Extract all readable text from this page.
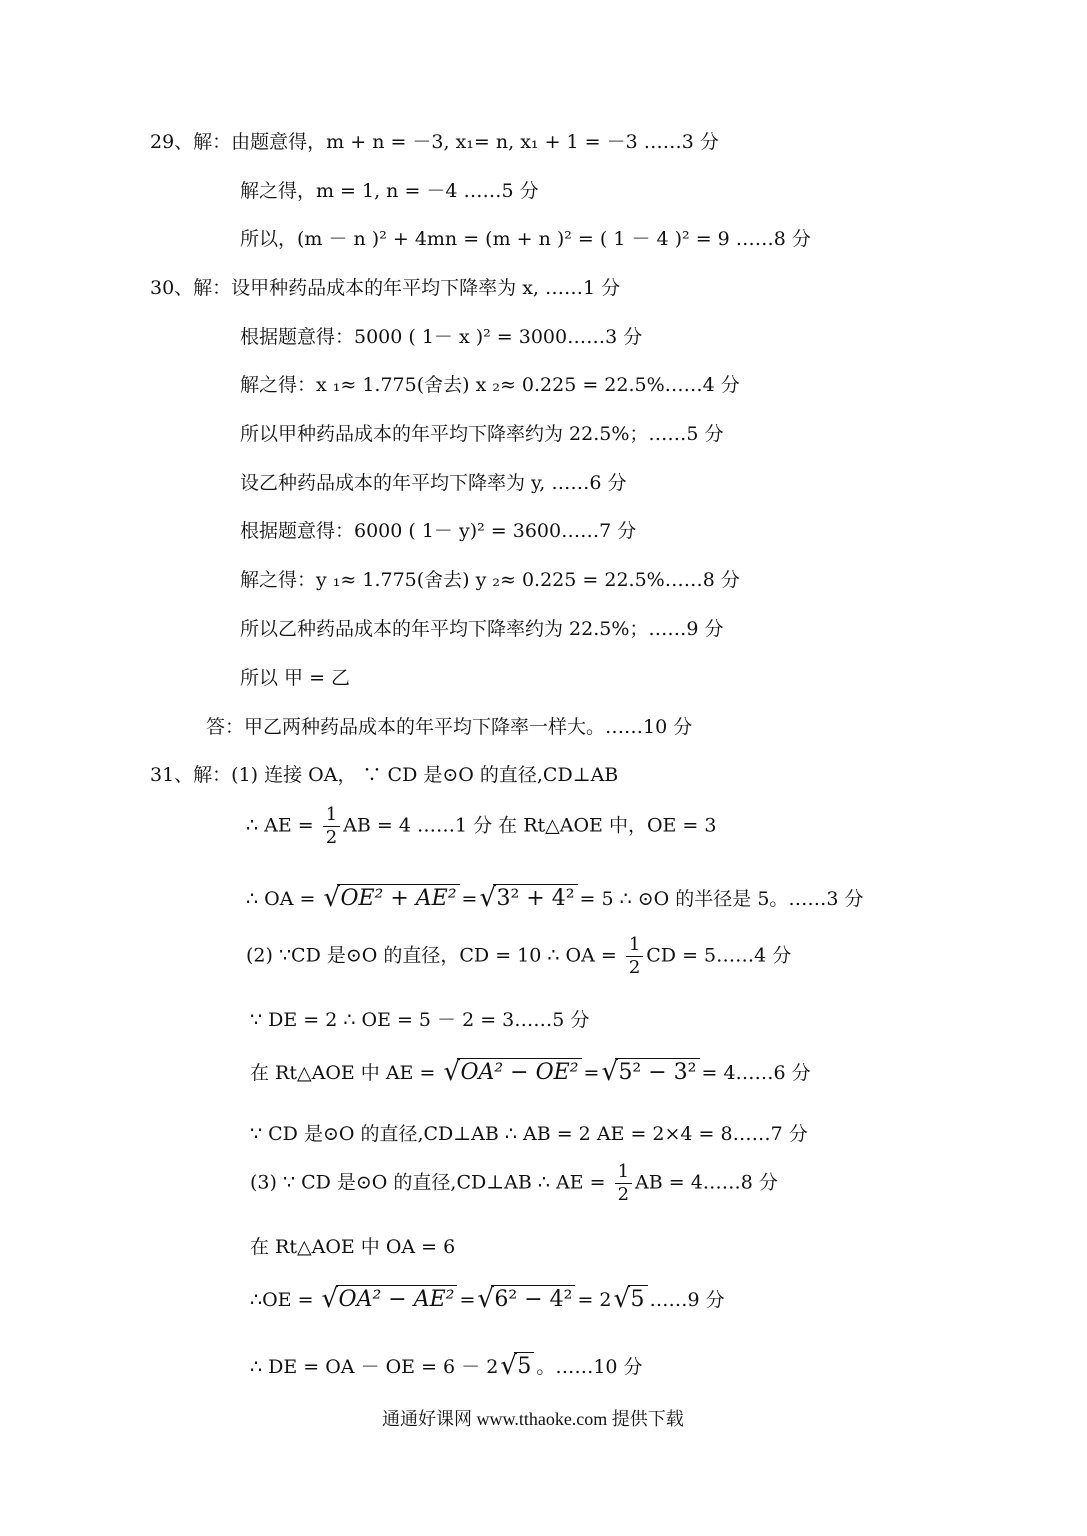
29、解：由题意得，m + n = －3, x₁= n, x₁ + 1 = －3 ……3 分
解之得，m = 1, n = －4 ……5 分
所以，(m － n )² + 4mn = (m + n )² = ( 1 － 4 )² = 9 ……8 分
30、解：设甲种药品成本的年平均下降率为 x, ……1 分
根据题意得：5000 ( 1－ x )² = 3000……3 分
解之得：x ₁≈ 1.775(舍去) x ₂≈ 0.225 = 22.5%……4 分
所以甲种药品成本的年平均下降率约为 22.5%；……5 分
设乙种药品成本的年平均下降率为 y, ……6 分
根据题意得：6000 ( 1－ y)² = 3600……7 分
解之得：y ₁≈ 1.775(舍去) y ₂≈ 0.225 = 22.5%……8 分
所以乙种药品成本的年平均下降率约为 22.5%；……9 分
所以 甲 = 乙
答：甲乙两种药品成本的年平均下降率一样大。……10 分
31、解：(1) 连接 OA， ∵ CD 是⊙O 的直径,CD⊥AB
∴ AE = $\frac{1}{2}$ AB = 4 ……1 分 在 Rt△AOE 中，OE = 3
∴ OA = √ OE² + AE² = √ 3² + 4² = 5 ∴ ⊙O 的半径是 5。……3 分
(2) ∵CD 是⊙O 的直径，CD = 10 ∴ OA = $\frac{1}{2}$ CD = 5……4 分
∵ DE = 2 ∴ OE = 5 － 2 = 3……5 分
在 Rt△AOE 中 AE = √ OA² − OE² = √ 5² − 3² = 4……6 分
∵ CD 是⊙O 的直径,CD⊥AB ∴ AB = 2 AE = 2×4 = 8……7 分
(3) ∵ CD 是⊙O 的直径,CD⊥AB ∴ AE = $\frac{1}{2}$ AB = 4……8 分
在 Rt△AOE 中 OA = 6
∴OE = √ OA² − AE² = √ 6² − 4² = 2 √ 5 ……9 分
∴ DE = OA － OE = 6 － 2 √ 5 。……10 分
通通好课网 www.tthaoke.com 提供下载
